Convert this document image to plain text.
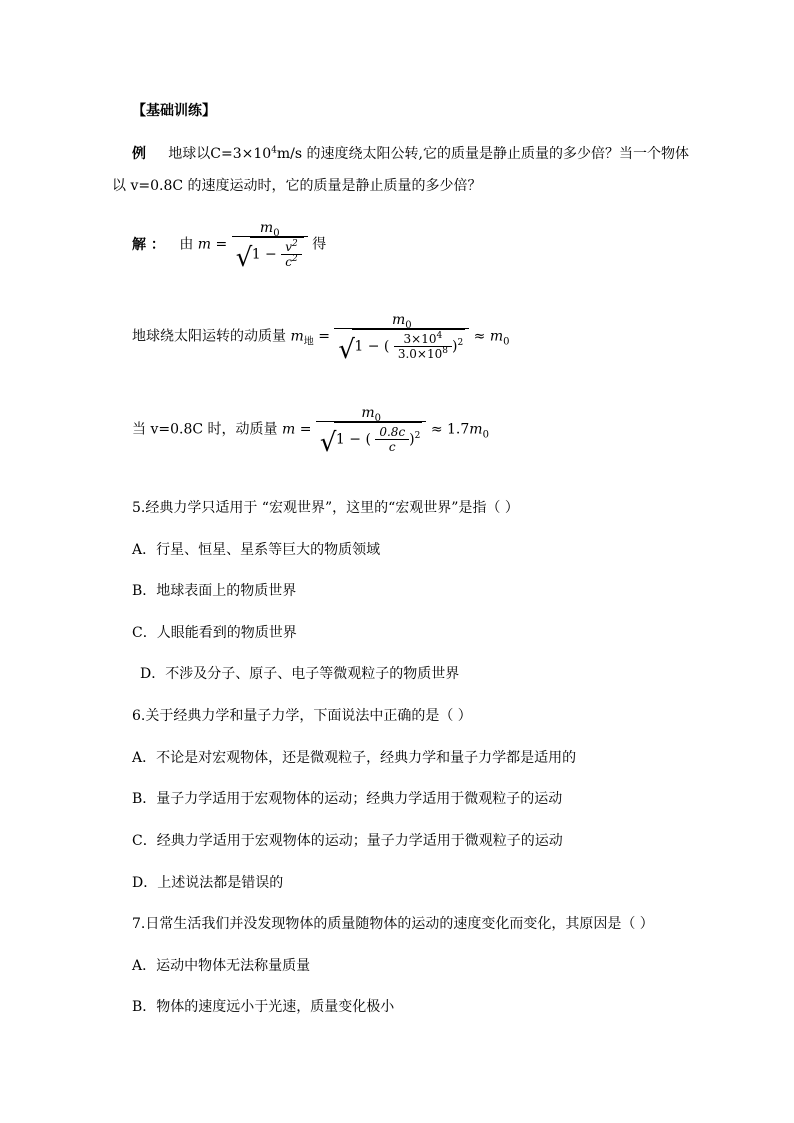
【基础训练】
例 地球以$C=3\times 10^4m/s$ 的速度绕太阳公转,它的质量是静止质量的多少倍？当一个物体
以 v=0.8C 的速度运动时，它的质量是静止质量的多少倍？
解 ： 由 $m = m_0$
√ $1 - \frac{v^2}{c^2}$ 得
地球绕太阳运转的动质量 $m_地 = m_0$
√ 1 − ( $\frac{3\times 10^4}{3.0\times 10^8} )^2 \approx m_0$
当 v=0.8C 时，动质量 $m = m_0$
√ 1 − ( $\frac{0.8c}{c} )^2 \approx 1.7m_0$
5.经典力学只适用于 “宏观世界”，这里的“宏观世界”是指（ ）
A．行星、恒星、星系等巨大的物质领域
B．地球表面上的物质世界
C．人眼能看到的物质世界
D．不涉及分子、原子、电子等微观粒子的物质世界
6.关于经典力学和量子力学，下面说法中正确的是（ ）
A．不论是对宏观物体，还是微观粒子，经典力学和量子力学都是适用的
B．量子力学适用于宏观物体的运动；经典力学适用于微观粒子的运动
C．经典力学适用于宏观物体的运动；量子力学适用于微观粒子的运动
D．上述说法都是错误的
7.日常生活我们并没发现物体的质量随物体的运动的速度变化而变化，其原因是（ ）
A．运动中物体无法称量质量
B．物体的速度远小于光速，质量变化极小
